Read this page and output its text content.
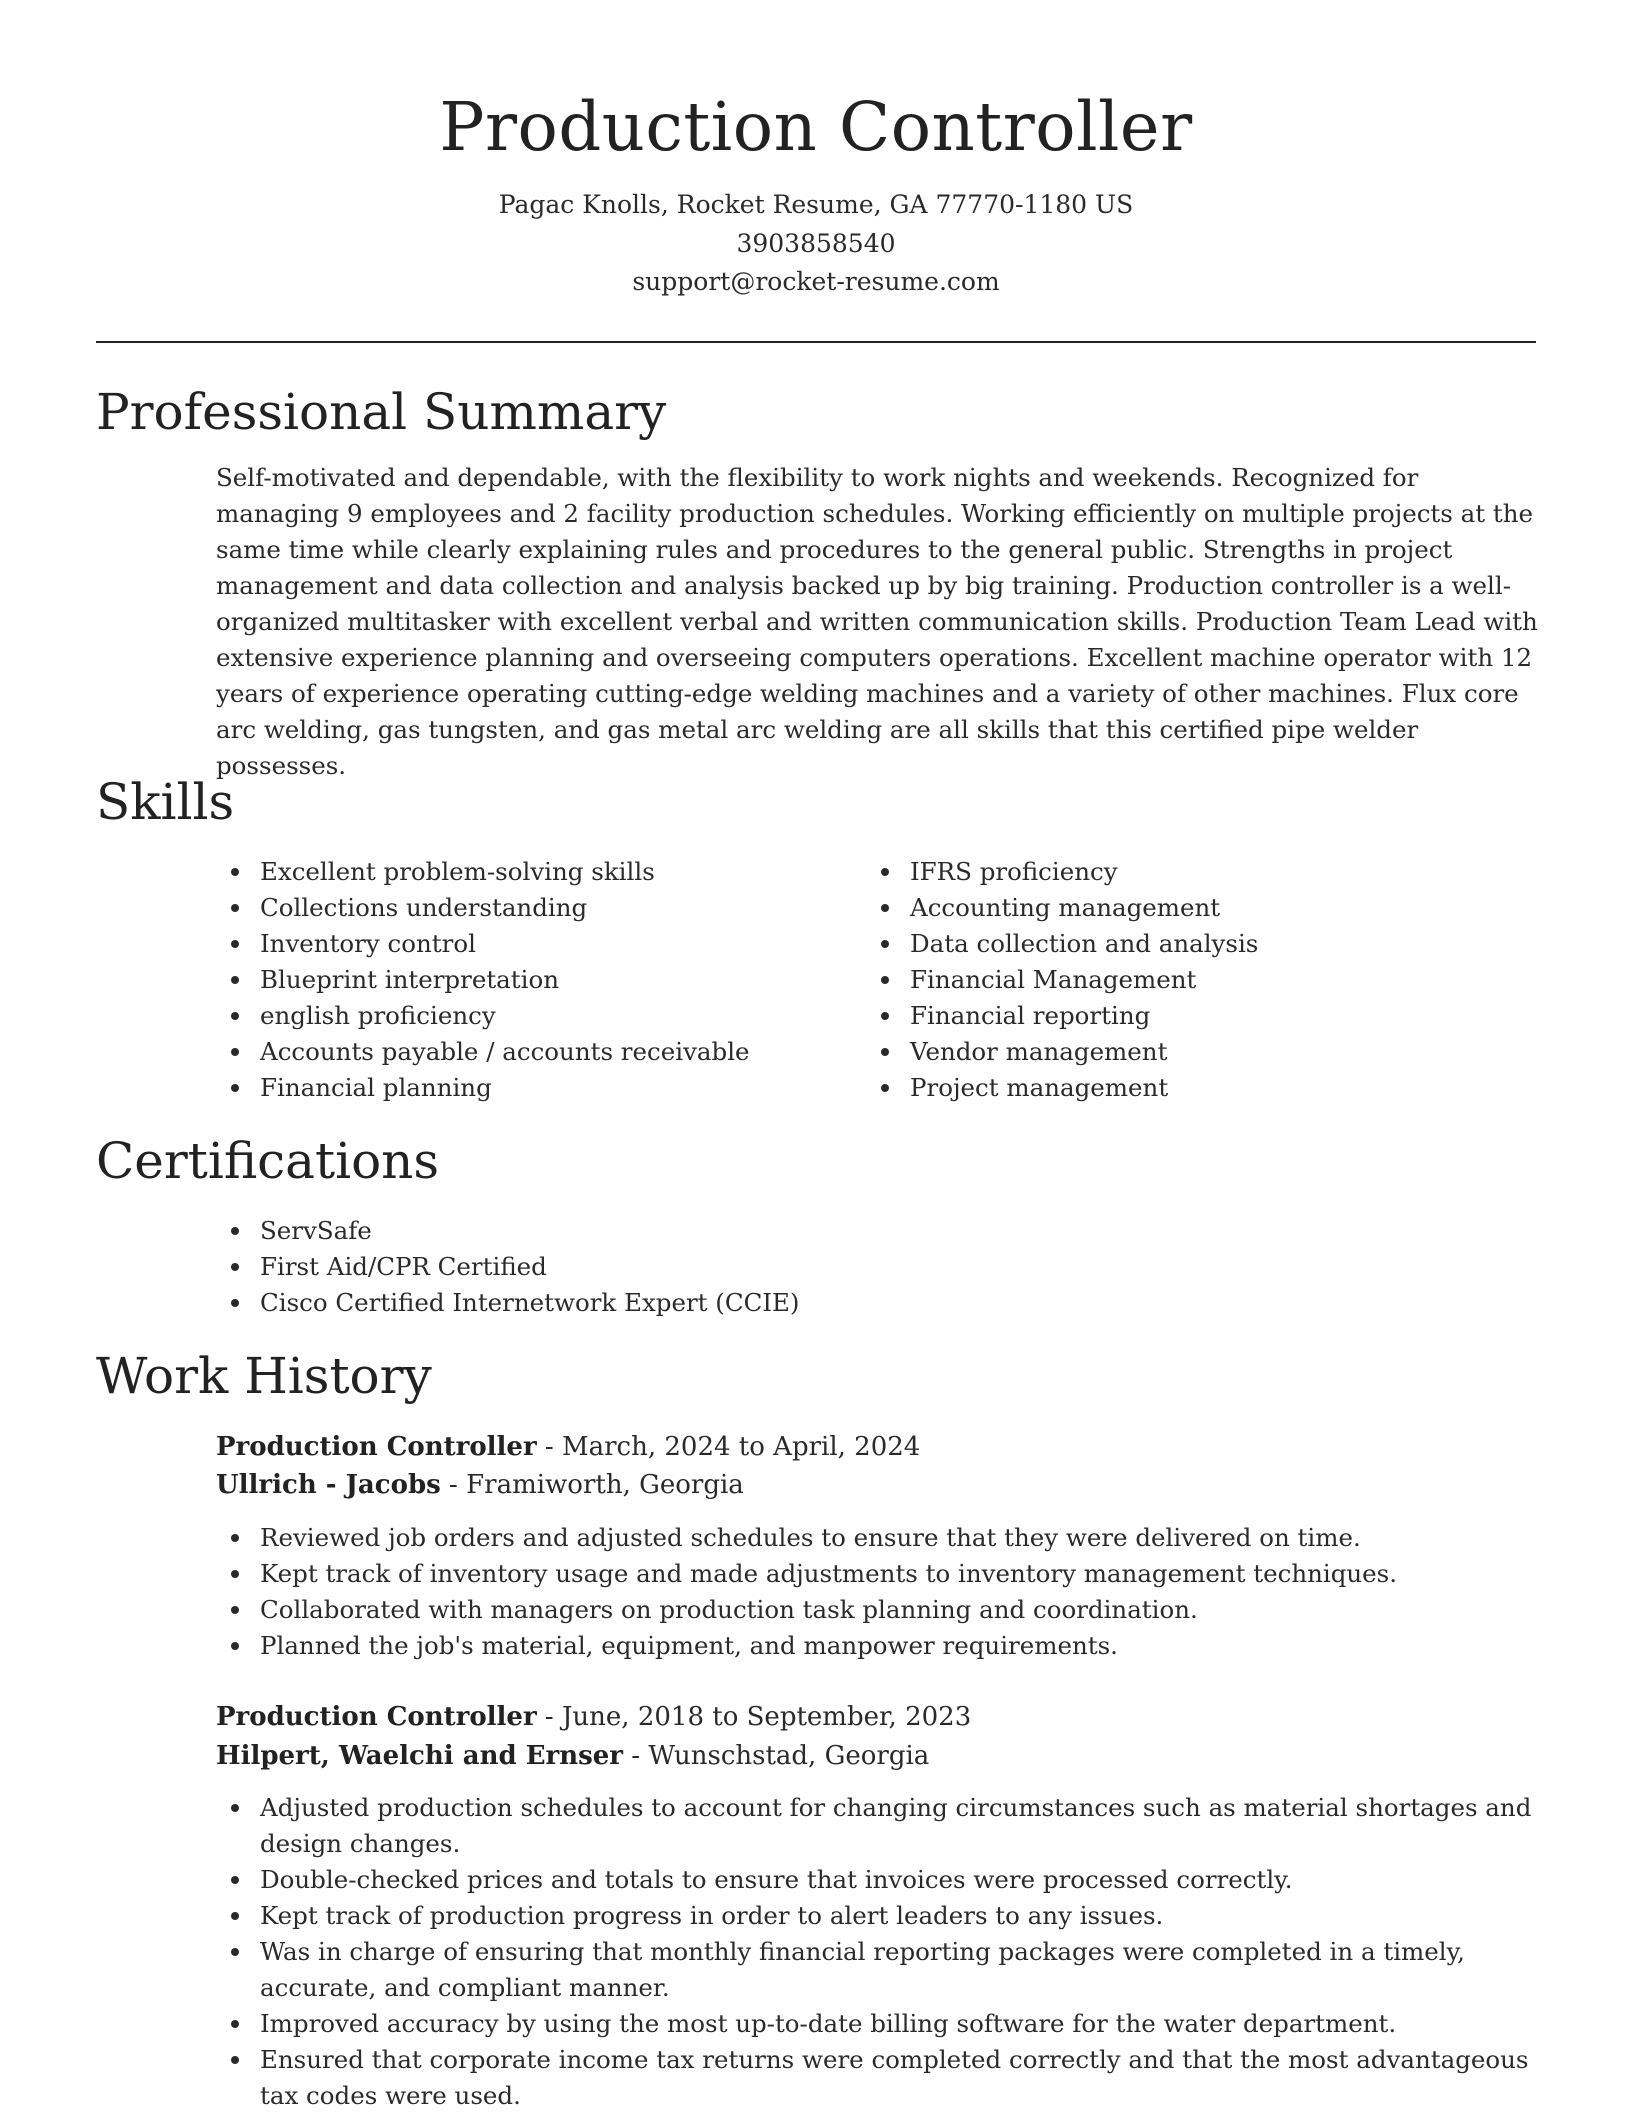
Production Controller
Pagac Knolls, Rocket Resume, GA 77770-1180 US
3903858540
support@rocket-resume.com
Professional Summary
Self-motivated and dependable, with the flexibility to work nights and weekends. Recognized for managing 9 employees and 2 facility production schedules. Working efficiently on multiple projects at the same time while clearly explaining rules and procedures to the general public. Strengths in project management and data collection and analysis backed up by big training. Production controller is a well-organized multitasker with excellent verbal and written communication skills. Production Team Lead with extensive experience planning and overseeing computers operations. Excellent machine operator with 12 years of experience operating cutting-edge welding machines and a variety of other machines. Flux core arc welding, gas tungsten, and gas metal arc welding are all skills that this certified pipe welder possesses.
Skills
Excellent problem-solving skills
Collections understanding
Inventory control
Blueprint interpretation
english proficiency
Accounts payable / accounts receivable
Financial planning
IFRS proficiency
Accounting management
Data collection and analysis
Financial Management
Financial reporting
Vendor management
Project management
Certifications
ServSafe
First Aid/CPR Certified
Cisco Certified Internetwork Expert (CCIE)
Work History
Production Controller - March, 2024 to April, 2024
Ullrich - Jacobs - Framiworth, Georgia
Reviewed job orders and adjusted schedules to ensure that they were delivered on time.
Kept track of inventory usage and made adjustments to inventory management techniques.
Collaborated with managers on production task planning and coordination.
Planned the job's material, equipment, and manpower requirements.
Production Controller - June, 2018 to September, 2023
Hilpert, Waelchi and Ernser - Wunschstad, Georgia
Adjusted production schedules to account for changing circumstances such as material shortages and design changes.
Double-checked prices and totals to ensure that invoices were processed correctly.
Kept track of production progress in order to alert leaders to any issues.
Was in charge of ensuring that monthly financial reporting packages were completed in a timely, accurate, and compliant manner.
Improved accuracy by using the most up-to-date billing software for the water department.
Ensured that corporate income tax returns were completed correctly and that the most advantageous tax codes were used.
